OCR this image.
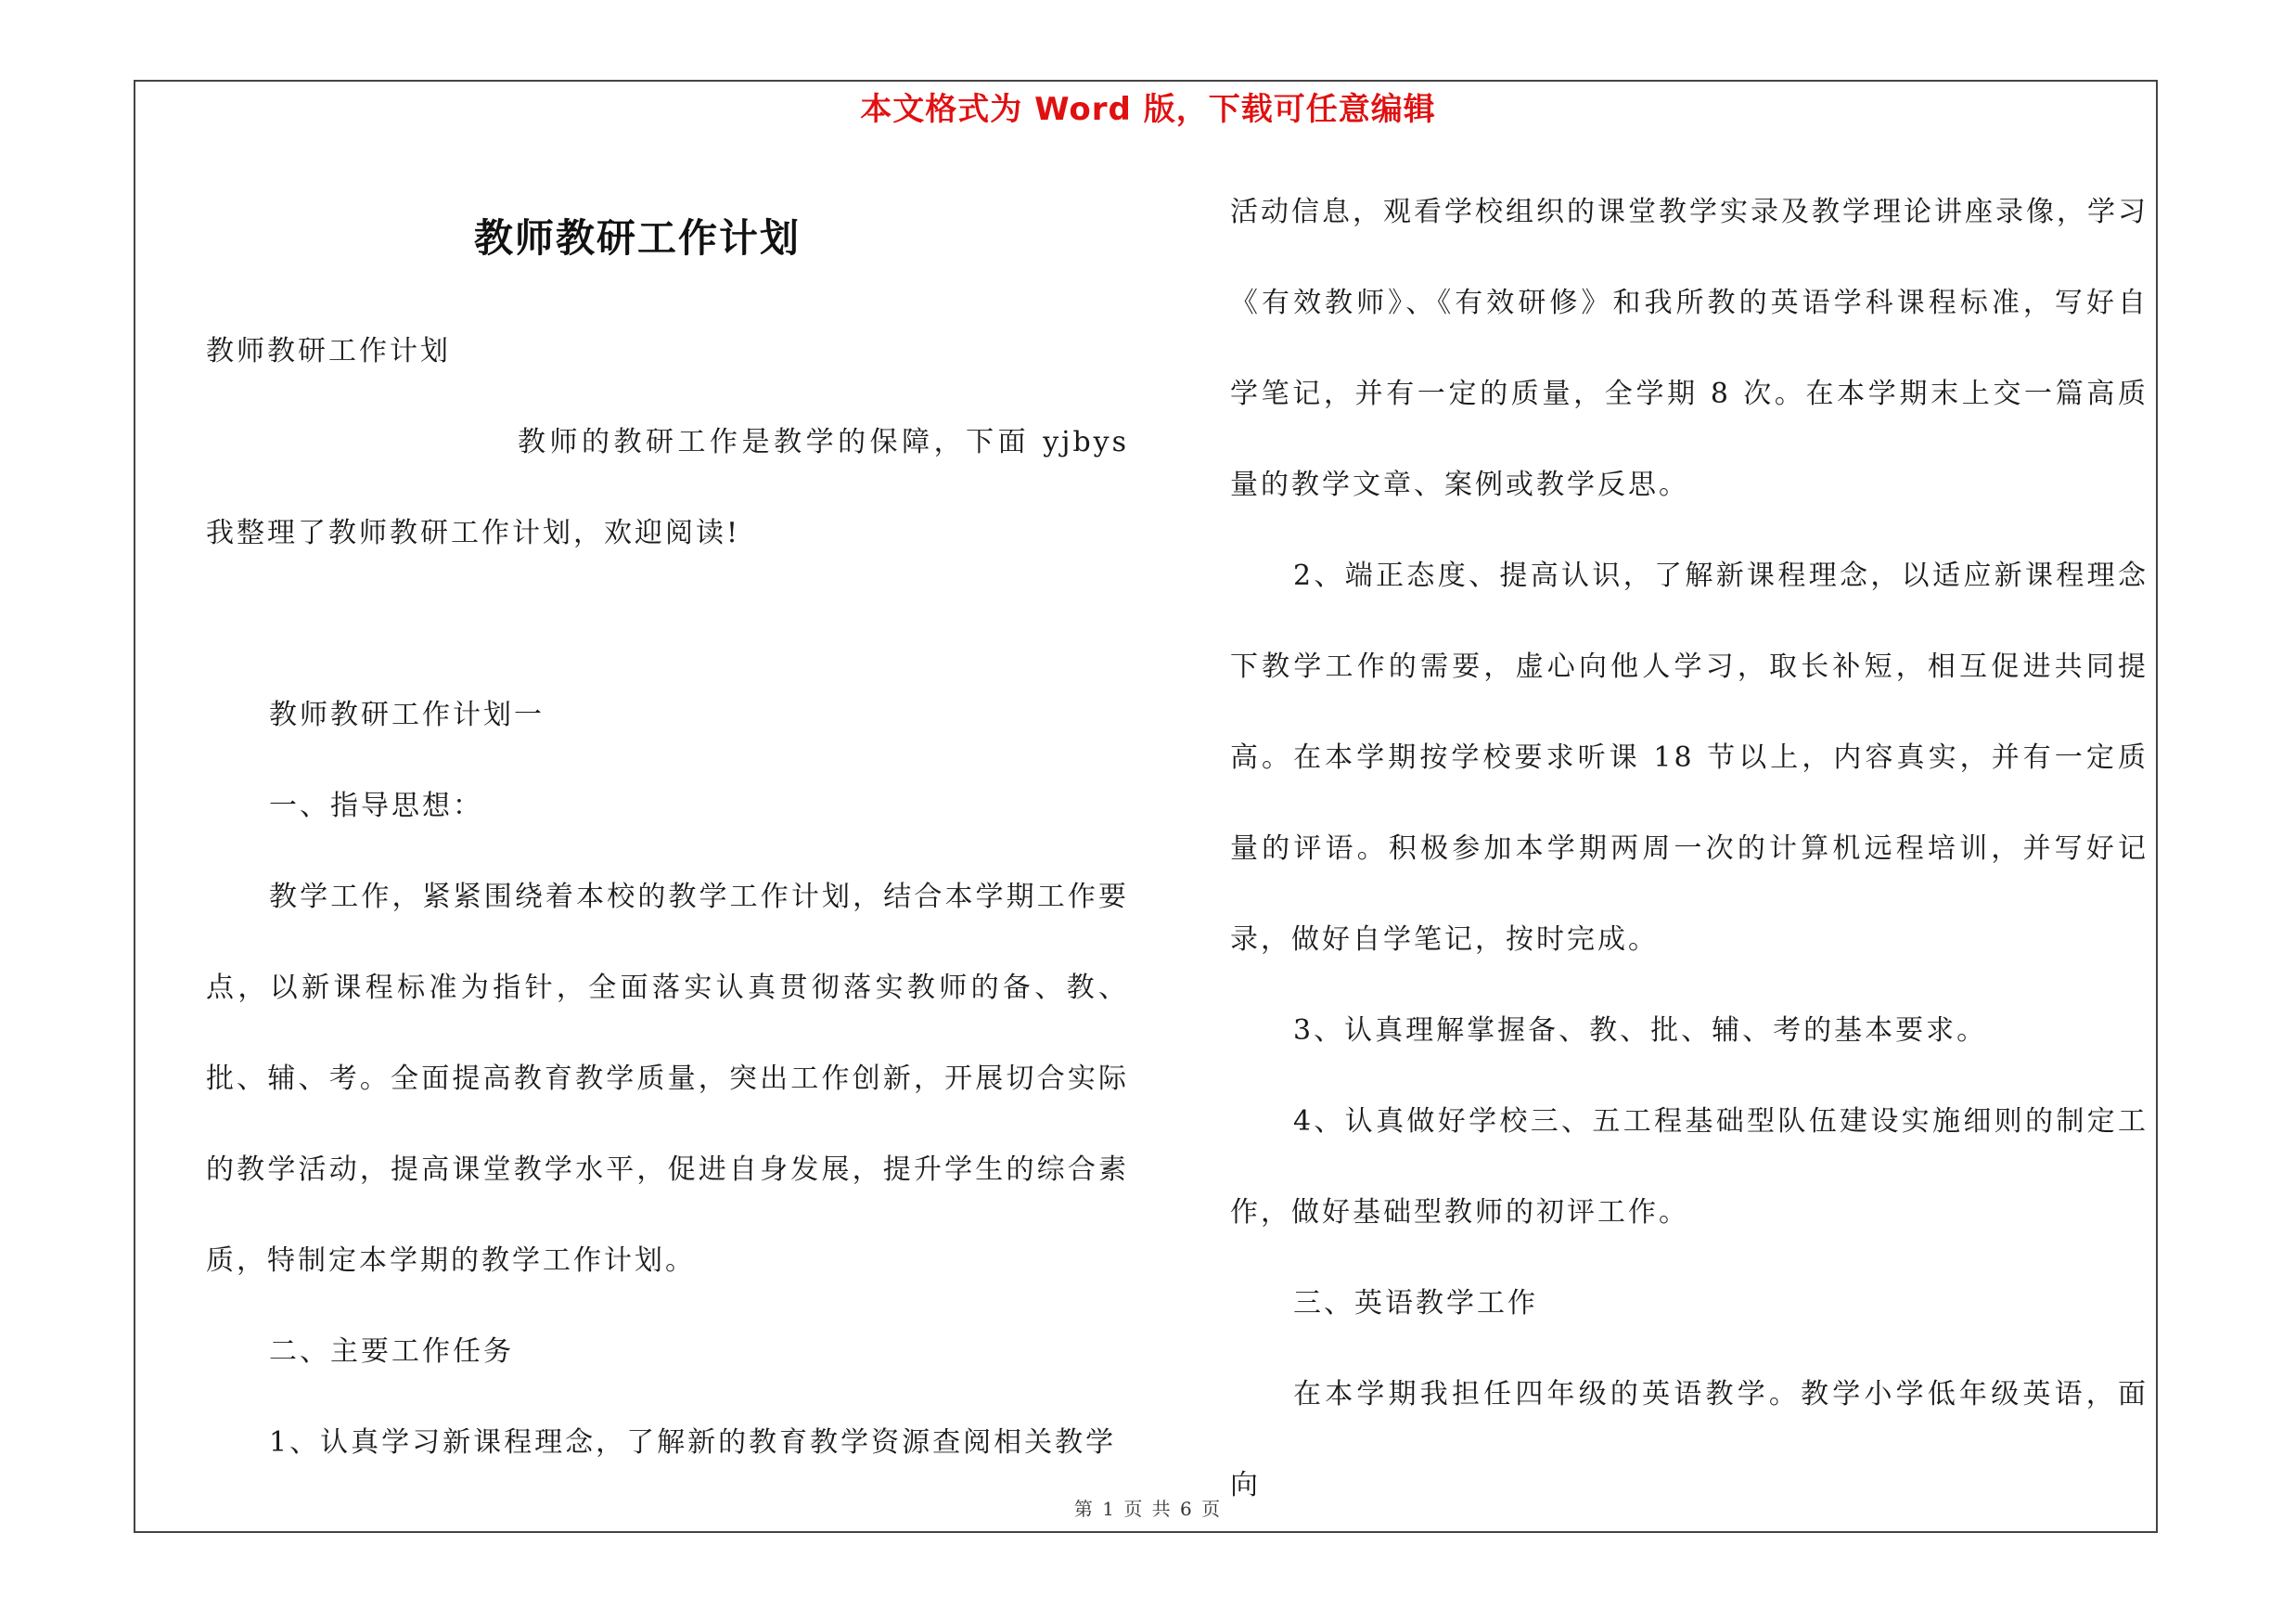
本文格式为 Word 版，下载可任意编辑
教师教研工作计划

教师教研工作计划

教师的教研工作是教学的保障，下面 yjbys 我整理了教师教研工作计划，欢迎阅读!

教师教研工作计划一

一、指导思想：

教学工作，紧紧围绕着本校的教学工作计划，结合本学期工作要点，以新课程标准为指针，全面落实认真贯彻落实教师的备、教、批、辅、考。全面提高教育教学质量，突出工作创新，开展切合实际的教学活动，提高课堂教学水平，促进自身发展，提升学生的综合素质，特制定本学期的教学工作计划。

二、主要工作任务

1、认真学习新课程理念，了解新的教育教学资源查阅相关教学

活动信息，观看学校组织的课堂教学实录及教学理论讲座录像，学习《有效教师》、《有效研修》和我所教的英语学科课程标准，写好自学笔记，并有一定的质量，全学期 8 次。在本学期末上交一篇高质量的教学文章、案例或教学反思。

2、端正态度、提高认识，了解新课程理念，以适应新课程理念下教学工作的需要，虚心向他人学习，取长补短，相互促进共同提高。在本学期按学校要求听课 18 节以上，内容真实，并有一定质量的评语。积极参加本学期两周一次的计算机远程培训，并写好记录，做好自学笔记，按时完成。

3、认真理解掌握备、教、批、辅、考的基本要求。

4、认真做好学校三、五工程基础型队伍建设实施细则的制定工作，做好基础型教师的初评工作。

三、英语教学工作

在本学期我担任四年级的英语教学。教学小学低年级英语，面向

第 1 页 共 6 页
